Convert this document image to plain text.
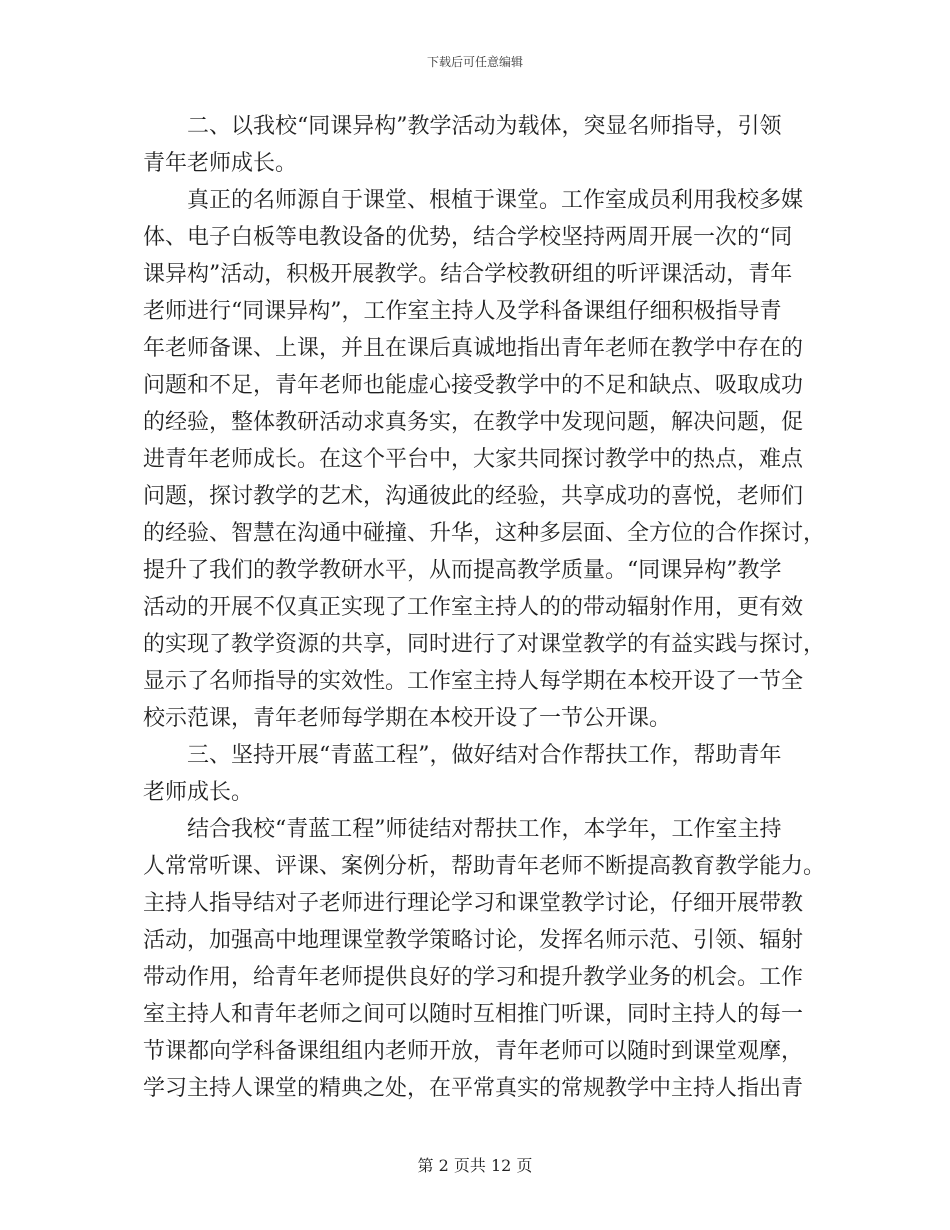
下载后可任意编辑
二、以我校“同课异构”教学活动为载体，突显名师指导，引领
青年老师成长。
真正的名师源自于课堂、根植于课堂。工作室成员利用我校多媒
体、电子白板等电教设备的优势，结合学校坚持两周开展一次的“同
课异构”活动，积极开展教学。结合学校教研组的听评课活动，青年
老师进行“同课异构”，工作室主持人及学科备课组仔细积极指导青
年老师备课、上课，并且在课后真诚地指出青年老师在教学中存在的
问题和不足，青年老师也能虚心接受教学中的不足和缺点、吸取成功
的经验，整体教研活动求真务实，在教学中发现问题，解决问题，促
进青年老师成长。在这个平台中，大家共同探讨教学中的热点，难点
问题，探讨教学的艺术，沟通彼此的经验，共享成功的喜悦，老师们
的经验、智慧在沟通中碰撞、升华，这种多层面、全方位的合作探讨，
提升了我们的教学教研水平，从而提高教学质量。“同课异构”教学
活动的开展不仅真正实现了工作室主持人的的带动辐射作用，更有效
的实现了教学资源的共享，同时进行了对课堂教学的有益实践与探讨，
显示了名师指导的实效性。工作室主持人每学期在本校开设了一节全
校示范课，青年老师每学期在本校开设了一节公开课。
三、坚持开展“青蓝工程”，做好结对合作帮扶工作，帮助青年
老师成长。
结合我校“青蓝工程”师徒结对帮扶工作，本学年，工作室主持
人常常听课、评课、案例分析，帮助青年老师不断提高教育教学能力。
主持人指导结对子老师进行理论学习和课堂教学讨论，仔细开展带教
活动，加强高中地理课堂教学策略讨论，发挥名师示范、引领、辐射
带动作用，给青年老师提供良好的学习和提升教学业务的机会。工作
室主持人和青年老师之间可以随时互相推门听课，同时主持人的每一
节课都向学科备课组组内老师开放，青年老师可以随时到课堂观摩，
学习主持人课堂的精典之处，在平常真实的常规教学中主持人指出青
第 2 页共 12 页
